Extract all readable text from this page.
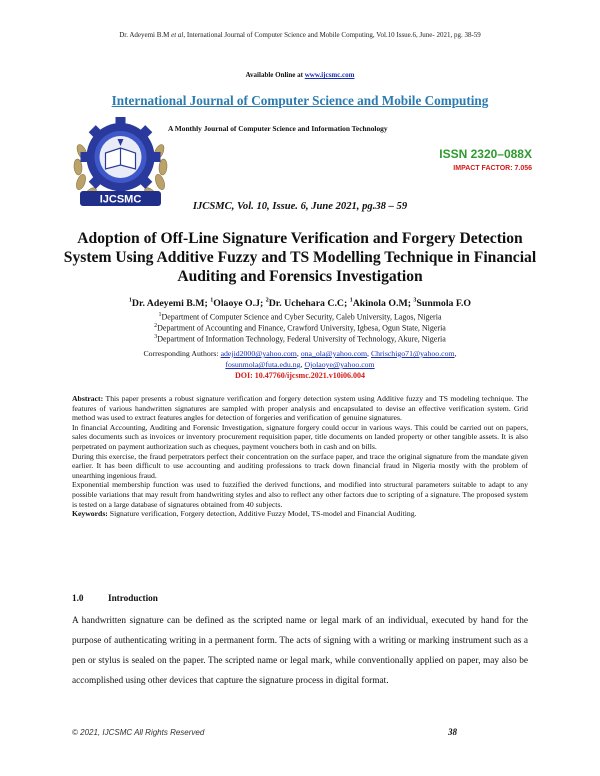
Dr. Adeyemi B.M et al, International Journal of Computer Science and Mobile Computing, Vol.10 Issue.6, June- 2021, pg. 38-59
Available Online at www.ijcsmc.com
International Journal of Computer Science and Mobile Computing
IJCSMC
A Monthly Journal of Computer Science and Information Technology
ISSN 2320–088X
IMPACT FACTOR: 7.056
IJCSMC, Vol. 10, Issue. 6, June 2021, pg.38 – 59
Adoption of Off-Line Signature Verification and Forgery Detection System Using Additive Fuzzy and TS Modelling Technique in Financial Auditing and Forensics Investigation
$^1$Dr. Adeyemi B.M; $^1$Olaoye O.J; $^2$Dr. Uchehara C.C; $^1$Akinola O.M; $^3$Sunmola F.O
$^1$Department of Computer Science and Cyber Security, Caleb University, Lagos, Nigeria
$^2$Department of Accounting and Finance, Crawford University, Igbesa, Ogun State, Nigeria
$^3$Department of Information Technology, Federal University of Technology, Akure, Nigeria
Corresponding Authors: adejid2000@yahoo.com, ona_ola@yahoo.com, Chrischigo71@yahoo.com,
fosunmola@futa.edu.ng, Ojolaoye@yahoo.com
DOI: 10.47760/ijcsmc.2021.v10i06.004

Abstract: This paper presents a robust signature verification and forgery detection system using Additive fuzzy and TS modeling technique. The features of various handwritten signatures are sampled with proper analysis and encapsulated to devise an effective verification system. Grid method was used to extract features angles for detection of forgeries and verification of genuine signatures.

In financial Accounting, Auditing and Forensic Investigation, signature forgery could occur in various ways. This could be carried out on papers, sales documents such as invoices or inventory procurement requisition paper, title documents on landed property or other tangible assets. It is also perpetrated on payment authorization such as cheques, payment vouchers both in cash and on bills.

During this exercise, the fraud perpetrators perfect their concentration on the surface paper, and trace the original signature from the mandate given earlier. It has been difficult to use accounting and auditing professions to track down financial fraud in Nigeria mostly with the problem of unearthing ingenious fraud.

Exponential membership function was used to fuzzified the derived functions, and modified into structural parameters suitable to adapt to any possible variations that may result from handwriting styles and also to reflect any other factors due to scripting of a signature. The proposed system is tested on a large database of signatures obtained from 40 subjects.

Keywords: Signature verification, Forgery detection, Additive Fuzzy Model, TS-model and Financial Auditing.

1.0	Introduction
A handwritten signature can be defined as the scripted name or legal mark of an individual, executed by hand for the purpose of authenticating writing in a permanent form. The acts of signing with a writing or marking instrument such as a pen or stylus is sealed on the paper. The scripted name or legal mark, while conventionally applied on paper, may also be accomplished using other devices that capture the signature process in digital format.
© 2021, IJCSMC All Rights Reserved	38
